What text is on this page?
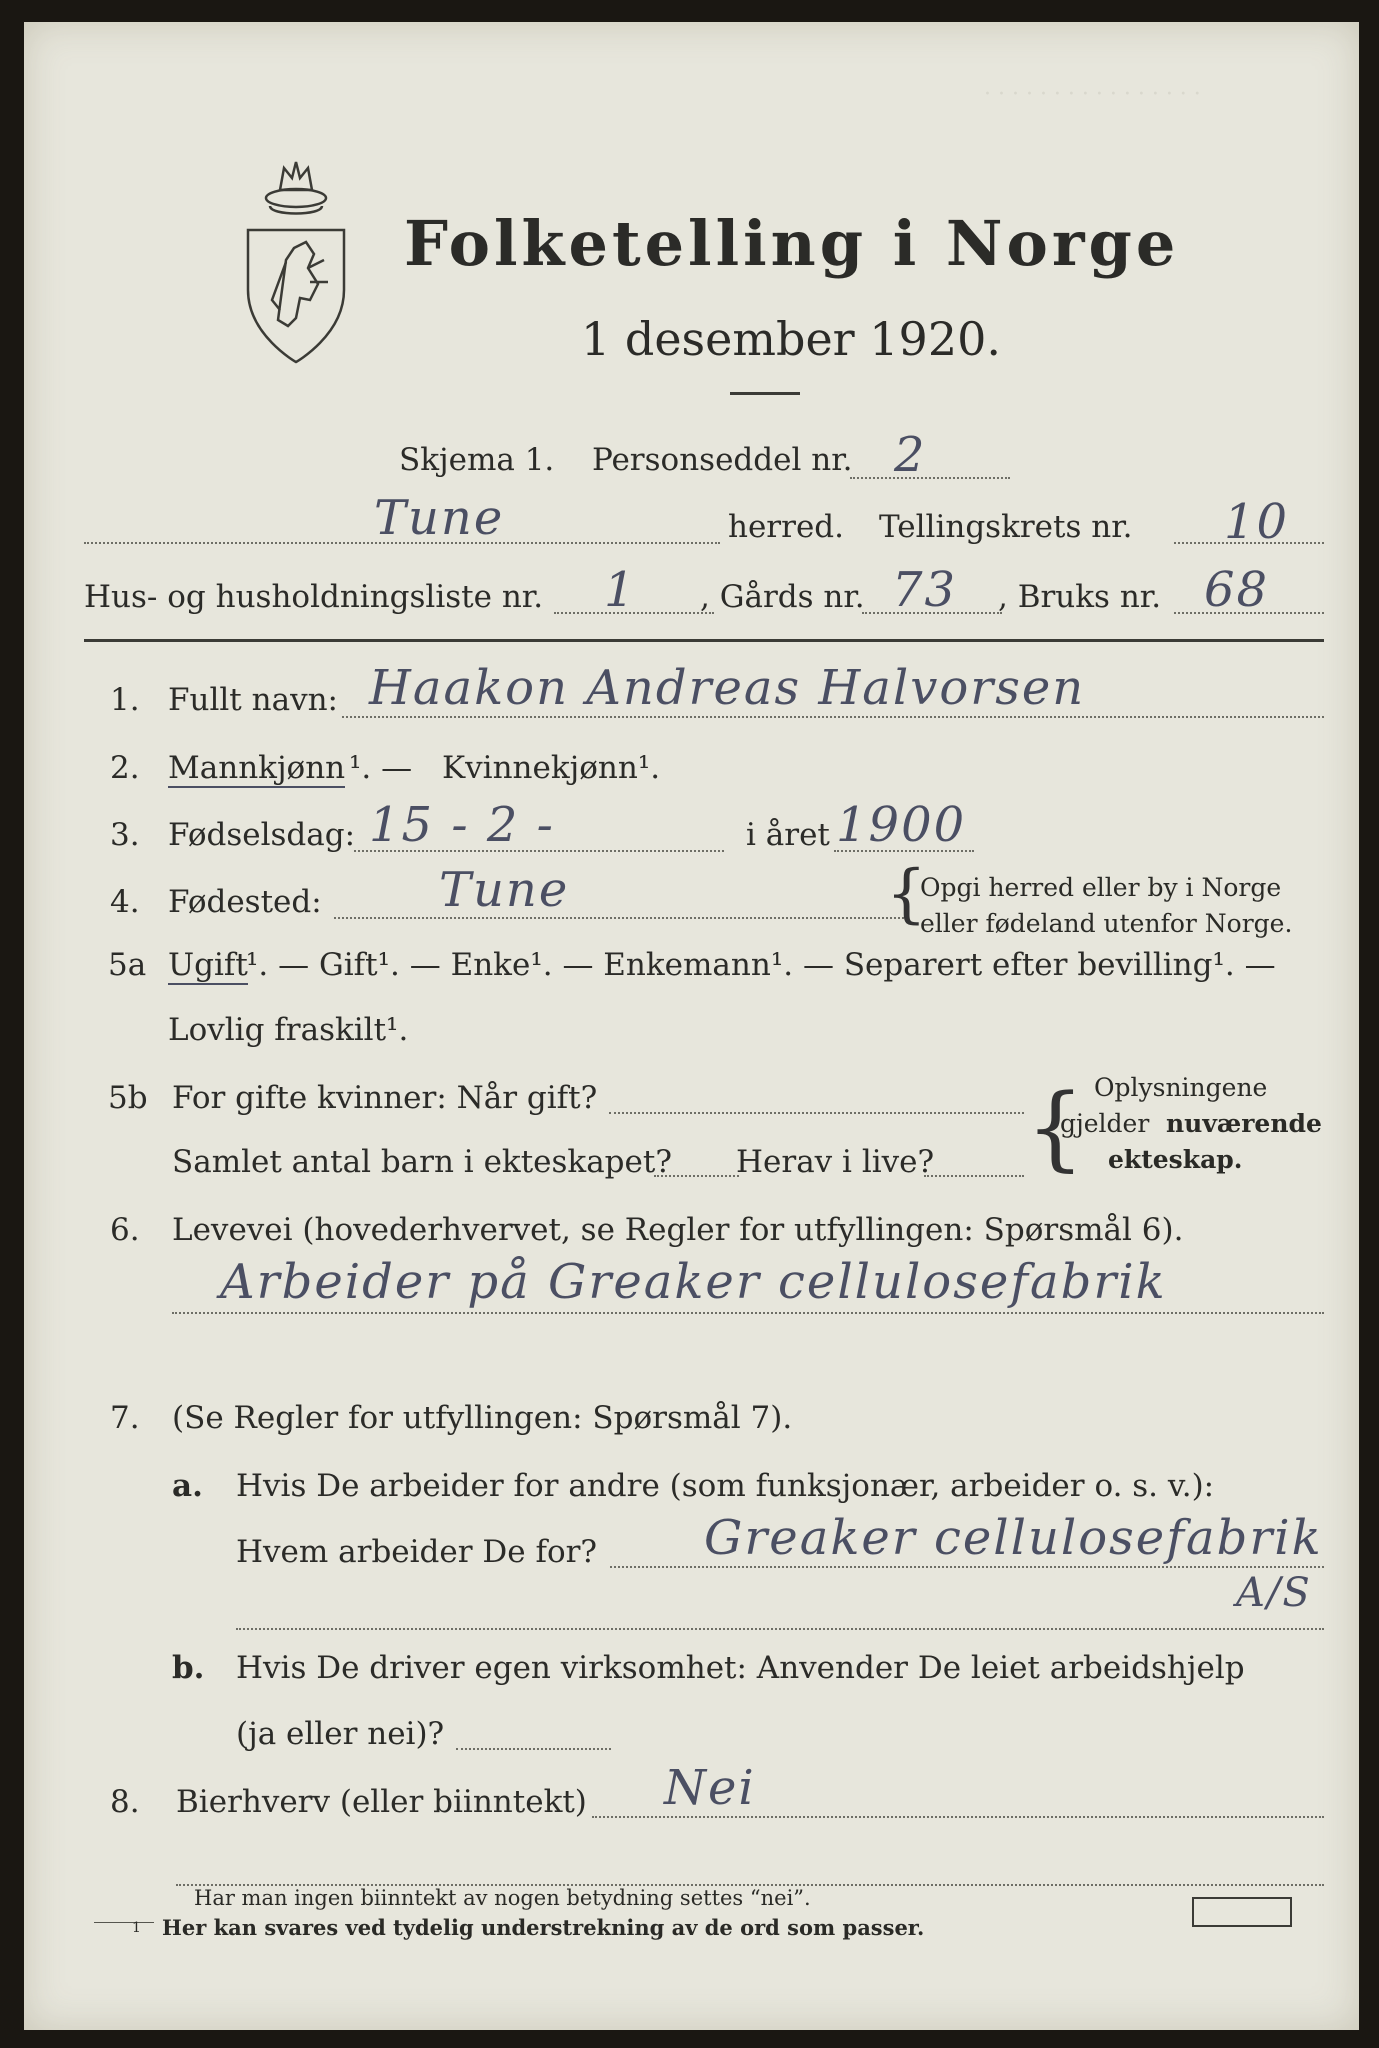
· · · · · · · · · · · · · · · ·
Folketelling i Norge
1 desember 1920.
Skjema 1. Personseddel nr. 2
Tune	herred. Tellingskrets nr. 10
Hus- og husholdningsliste nr. 1 , Gårds nr. 73 , Bruks nr. 68
1. Fullt navn: Haakon Andreas Halvorsen
2. Mannkjønn ¹. — Kvinnekjønn¹.
3. Fødselsdag: 15 - 2 -	i året 1900
4. Fødested: Tune	{
Opgi herred eller by i Norge
eller fødeland utenfor Norge.
5a Ugift
¹. — Gift¹. — Enke¹. — Enkemann¹. — Separert efter bevilling¹. —
Lovlig fraskilt¹.
5b For gifte kvinner: Når gift?
Samlet antal barn i ekteskapet? Herav i live? { Oplysningene
gjelder nuværende
ekteskap.
6. Levevei (hovederhvervet, se Regler for utfyllingen: Spørsmål 6).
Arbeider på Greaker cellulosefabrik
7. (Se Regler for utfyllingen: Spørsmål 7).
a. Hvis De arbeider for andre (som funksjonær, arbeider o. s. v.):
Hvem arbeider De for? Greaker cellulosefabrik
A/S
b. Hvis De driver egen virksomhet: Anvender De leiet arbeidshjelp
(ja eller nei)?
8. Bierhverv (eller biinntekt) Nei
Har man ingen biinntekt av nogen betydning settes “nei”.
1 Her kan svares ved tydelig understrekning av de ord som passer.
